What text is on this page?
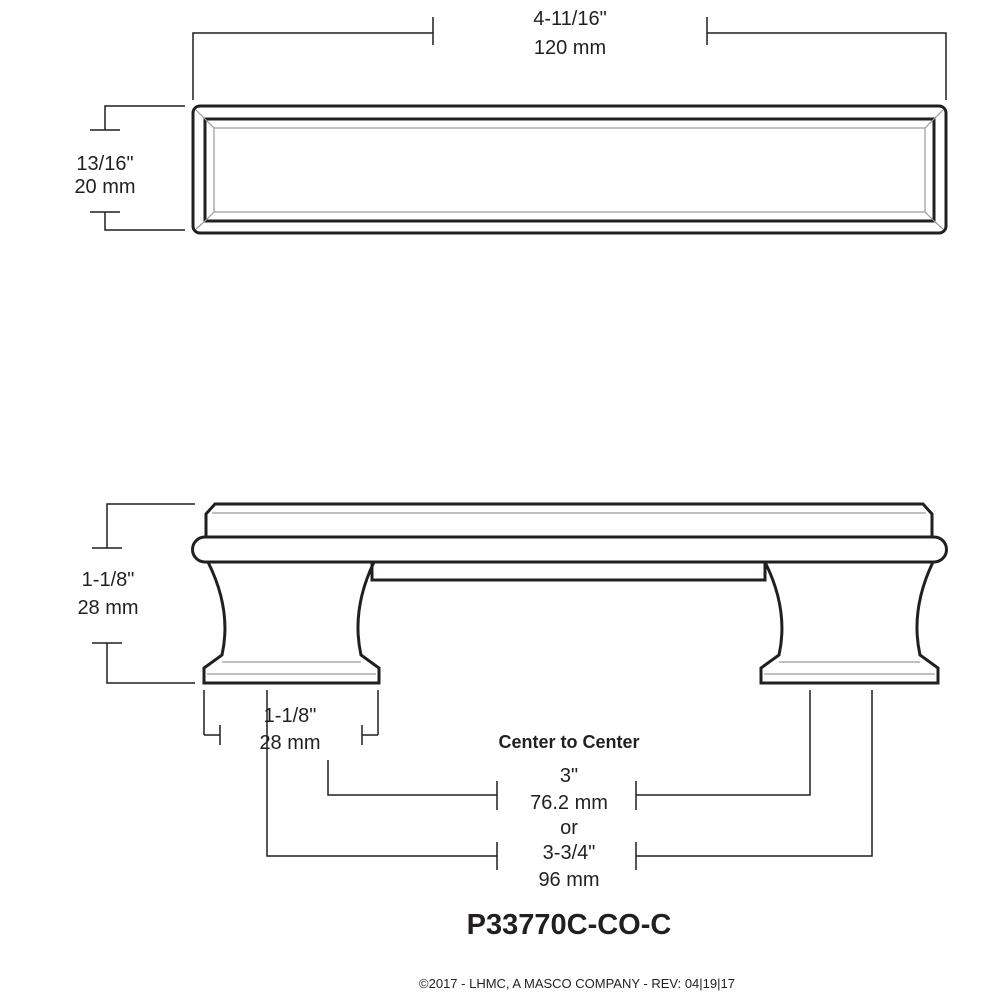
4-11/16"
120 mm
13/16"
20 mm
1-1/8"
28 mm
1-1/8"
28 mm	Center to Center
3"
76.2 mm
or
3-3/4"
96 mm
P33770C-CO-C
©2017 - LHMC, A MASCO COMPANY - REV: 04|19|17
